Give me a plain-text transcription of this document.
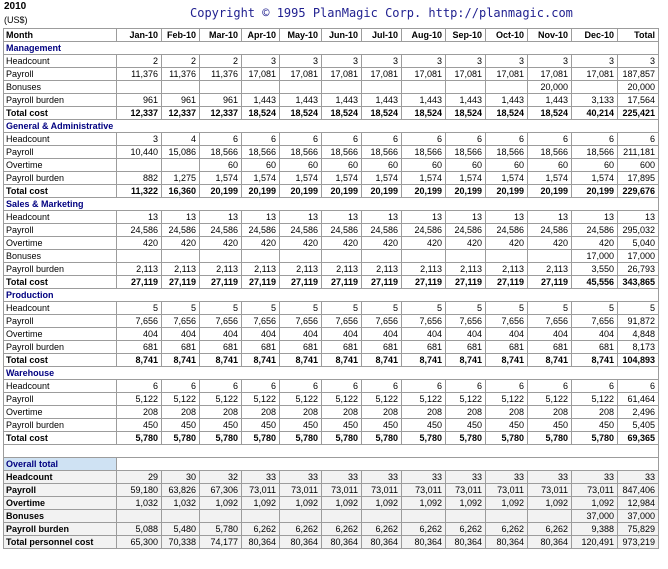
2010
(US$)	Copyright © 1995 PlanMagic Corp. http://planmagic.com
Month	Jan-10	Feb-10	Mar-10	Apr-10	May-10	Jun-10	Jul-10	Aug-10	Sep-10	Oct-10	Nov-10	Dec-10	Total
Management													
Headcount	2	2	2	3	3	3	3	3	3	3	3	3	3
Payroll	11,376	11,376	11,376	17,081	17,081	17,081	17,081	17,081	17,081	17,081	17,081	17,081	187,857
Bonuses											20,000		20,000
Payroll burden	961	961	961	1,443	1,443	1,443	1,443	1,443	1,443	1,443	1,443	3,133	17,564
Total cost	12,337	12,337	12,337	18,524	18,524	18,524	18,524	18,524	18,524	18,524	18,524	40,214	225,421
General & Administrative													
Headcount	3	4	6	6	6	6	6	6	6	6	6	6	6
Payroll	10,440	15,086	18,566	18,566	18,566	18,566	18,566	18,566	18,566	18,566	18,566	18,566	211,181
Overtime			60	60	60	60	60	60	60	60	60	60	600
Payroll burden	882	1,275	1,574	1,574	1,574	1,574	1,574	1,574	1,574	1,574	1,574	1,574	17,895
Total cost	11,322	16,360	20,199	20,199	20,199	20,199	20,199	20,199	20,199	20,199	20,199	20,199	229,676
Sales & Marketing													
Headcount	13	13	13	13	13	13	13	13	13	13	13	13	13
Payroll	24,586	24,586	24,586	24,586	24,586	24,586	24,586	24,586	24,586	24,586	24,586	24,586	295,032
Overtime	420	420	420	420	420	420	420	420	420	420	420	420	5,040
Bonuses												17,000	17,000
Payroll burden	2,113	2,113	2,113	2,113	2,113	2,113	2,113	2,113	2,113	2,113	2,113	3,550	26,793
Total cost	27,119	27,119	27,119	27,119	27,119	27,119	27,119	27,119	27,119	27,119	27,119	45,556	343,865
Production													
Headcount	5	5	5	5	5	5	5	5	5	5	5	5	5
Payroll	7,656	7,656	7,656	7,656	7,656	7,656	7,656	7,656	7,656	7,656	7,656	7,656	91,872
Overtime	404	404	404	404	404	404	404	404	404	404	404	404	4,848
Payroll burden	681	681	681	681	681	681	681	681	681	681	681	681	8,173
Total cost	8,741	8,741	8,741	8,741	8,741	8,741	8,741	8,741	8,741	8,741	8,741	8,741	104,893
Warehouse													
Headcount	6	6	6	6	6	6	6	6	6	6	6	6	6
Payroll	5,122	5,122	5,122	5,122	5,122	5,122	5,122	5,122	5,122	5,122	5,122	5,122	61,464
Overtime	208	208	208	208	208	208	208	208	208	208	208	208	2,496
Payroll burden	450	450	450	450	450	450	450	450	450	450	450	450	5,405
Total cost	5,780	5,780	5,780	5,780	5,780	5,780	5,780	5,780	5,780	5,780	5,780	5,780	69,365

Overall total													
Headcount	29	30	32	33	33	33	33	33	33	33	33	33	33
Payroll	59,180	63,826	67,306	73,011	73,011	73,011	73,011	73,011	73,011	73,011	73,011	73,011	847,406
Overtime	1,032	1,032	1,092	1,092	1,092	1,092	1,092	1,092	1,092	1,092	1,092	1,092	12,984
Bonuses												37,000	37,000
Payroll burden	5,088	5,480	5,780	6,262	6,262	6,262	6,262	6,262	6,262	6,262	6,262	9,388	75,829
Total personnel cost	65,300	70,338	74,177	80,364	80,364	80,364	80,364	80,364	80,364	80,364	80,364	120,491	973,219
